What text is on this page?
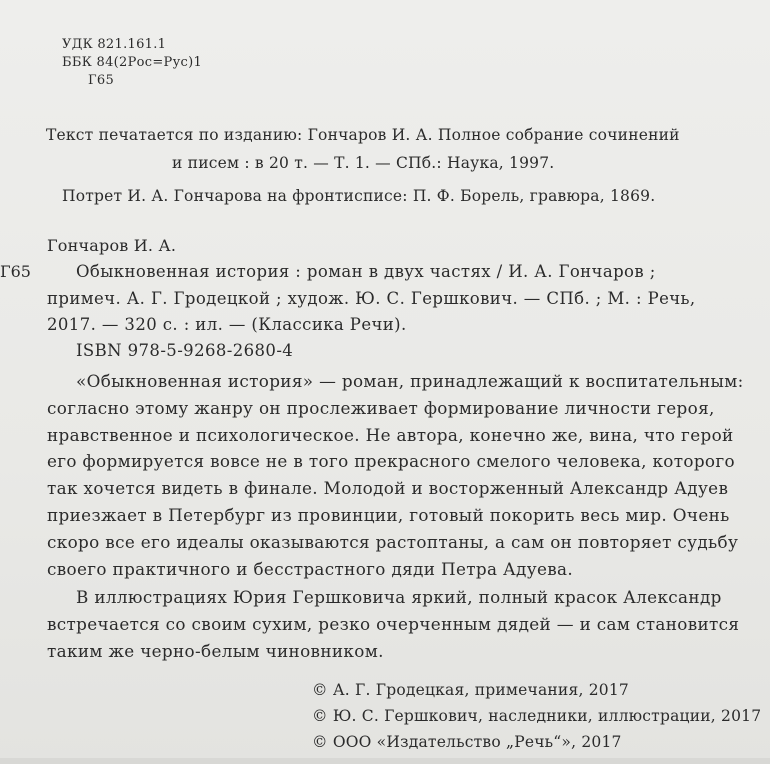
УДК 821.161.1
ББК 84(2Рос=Рус)1
Г65
Текст печатается по изданию: Гончаров И. А. Полное собрание сочинений
и писем : в 20 т. — Т. 1. — СПб.: Наука, 1997.
Потрет И. А. Гончарова на фронтисписе: П. Ф. Борель, гравюра, 1869.
Гончаров И. А.
Г65	Обыкновенная история : роман в двух частях / И. А. Гончаров ;
примеч. А. Г. Гродецкой ; худож. Ю. С. Гершкович. — СПб. ; М. : Речь,
2017. — 320 с. : ил. — (Классика Речи).
ISBN 978-5-9268-2680-4
«Обыкновенная история» — роман, принадлежащий к воспитательным:
согласно этому жанру он прослеживает формирование личности героя,
нравственное и психологическое. Не автора, конечно же, вина, что герой
его формируется вовсе не в того прекрасного смелого человека, которого
так хочется видеть в финале. Молодой и восторженный Александр Адуев
приезжает в Петербург из провинции, готовый покорить весь мир. Очень
скоро все его идеалы оказываются растоптаны, а сам он повторяет судьбу
своего практичного и бесстрастного дяди Петра Адуева.
В иллюстрациях Юрия Гершковича яркий, полный красок Александр
встречается со своим сухим, резко очерченным дядей — и сам становится
таким же черно-белым чиновником.
© А. Г. Гродецкая, примечания, 2017
© Ю. С. Гершкович, наследники, иллюстрации, 2017
© ООО «Издательство „Речь“», 2017
